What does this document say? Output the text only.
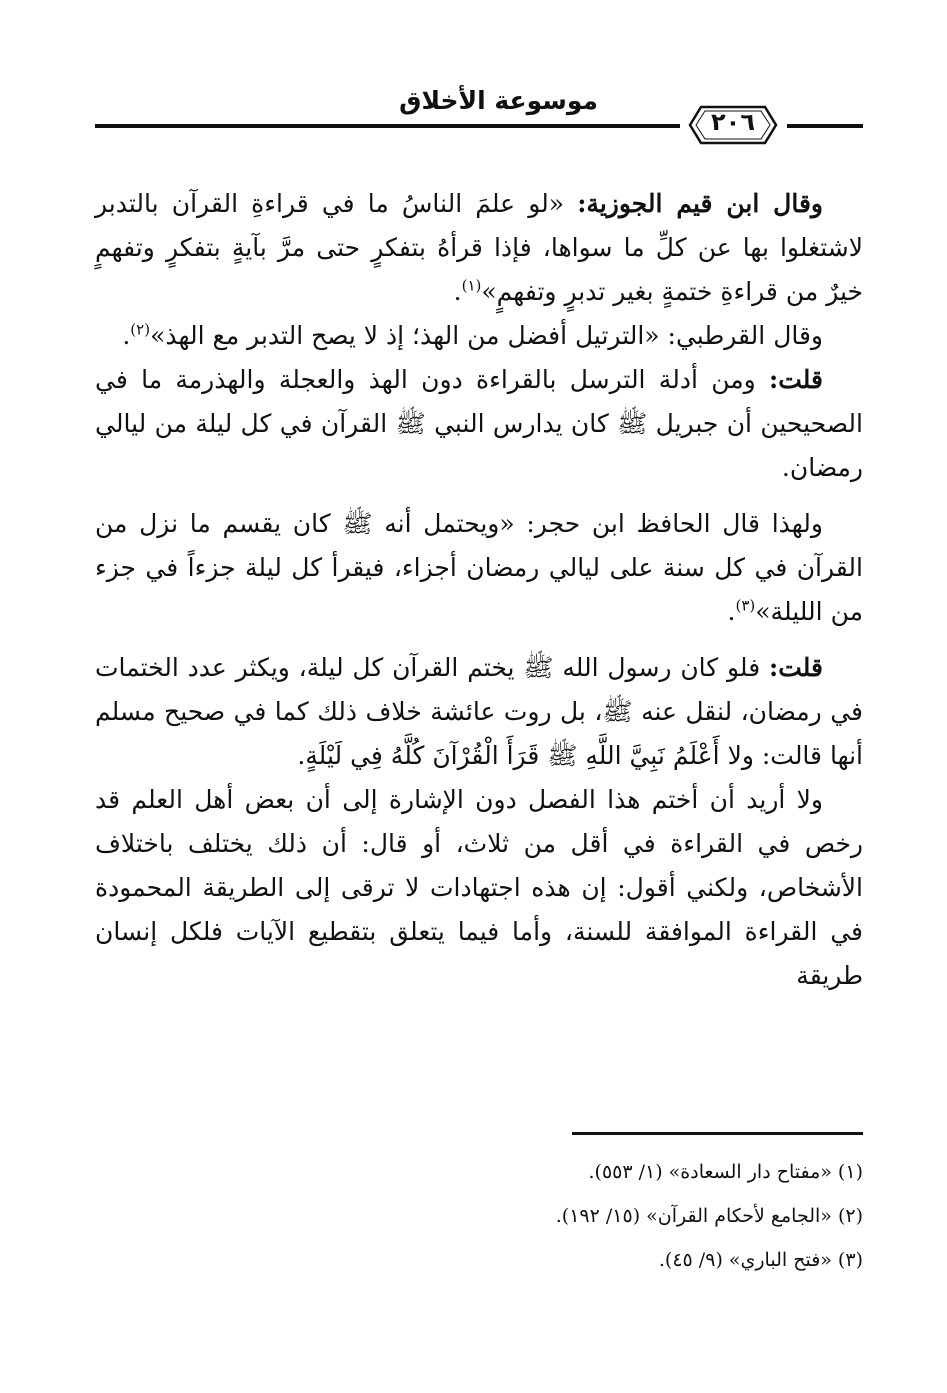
موسوعة الأخلاق
٢٠٦

وقال ابن قيم الجوزية: «لو علمَ الناسُ ما في قراءةِ القرآن بالتدبر لاشتغلوا بها عن كلِّ ما سواها، فإذا قرأهُ بتفكرٍ حتى مرَّ بآيةٍ بتفكرٍ وتفهمٍ خيرٌ من قراءةِ ختمةٍ بغير تدبرٍ وتفهمٍ»$^{(١)}$.

وقال القرطبي: «الترتيل أفضل من الهذ؛ إذ لا يصح التدبر مع الهذ»$^{(٢)}$.

قلت: ومن أدلة الترسل بالقراءة دون الهذ والعجلة والهذرمة ما في الصحيحين أن جبريل ﷺ كان يدارس النبي ﷺ القرآن في كل ليلة من ليالي رمضان.

ولهذا قال الحافظ ابن حجر: «ويحتمل أنه ﷺ كان يقسم ما نزل من القرآن في كل سنة على ليالي رمضان أجزاء، فيقرأ كل ليلة جزءاً في جزء من الليلة»$^{(٣)}$.

قلت: فلو كان رسول الله ﷺ يختم القرآن كل ليلة، ويكثر عدد الختمات في رمضان، لنقل عنه ﷺ، بل روت عائشة خلاف ذلك كما في صحيح مسلم أنها قالت: ولا أَعْلَمُ نَبِيَّ اللَّهِ ﷺ قَرَأَ الْقُرْآنَ كُلَّهُ فِي لَيْلَةٍ.

ولا أريد أن أختم هذا الفصل دون الإشارة إلى أن بعض أهل العلم قد رخص في القراءة في أقل من ثلاث، أو قال: أن ذلك يختلف باختلاف الأشخاص، ولكني أقول: إن هذه اجتهادات لا ترقى إلى الطريقة المحمودة في القراءة الموافقة للسنة، وأما فيما يتعلق بتقطيع الآيات فلكل إنسان طريقة

(١) «مفتاح دار السعادة» (١/ ٥٥٣).

(٢) «الجامع لأحكام القرآن» (١٥/ ١٩٢).

(٣) «فتح الباري» (٩/ ٤٥).
